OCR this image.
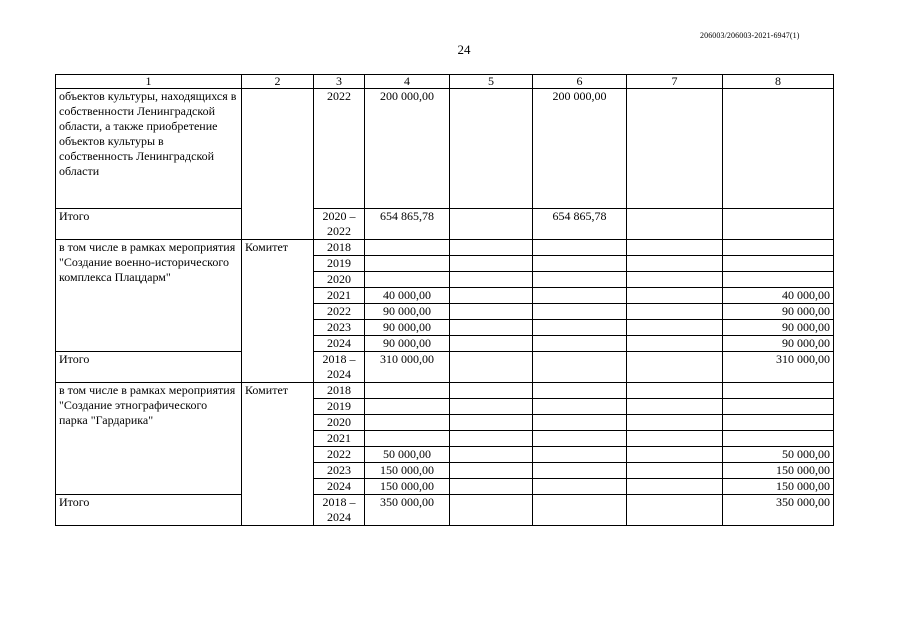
206003/206003-2021-6947(1)
24
1	2	3	4	5	6	7	8
объектов культуры, находящихся в собственности Ленинградской области, а также приобретение объектов культуры в собственность Ленинградской области		2022	200 000,00		200 000,00		
Итого		2020 – 2022	654 865,78		654 865,78		
в том числе в рамках мероприятия "Создание военно-исторического комплекса Плацдарм"	Комитет	2018					
		2019					
		2020					
		2021	40 000,00				40 000,00
		2022	90 000,00				90 000,00
		2023	90 000,00				90 000,00
		2024	90 000,00				90 000,00
Итого		2018 – 2024	310 000,00				310 000,00
в том числе в рамках мероприятия "Создание этнографического парка "Гардарика"	Комитет	2018					
		2019					
		2020					
		2021					
		2022	50 000,00				50 000,00
		2023	150 000,00				150 000,00
		2024	150 000,00				150 000,00
Итого		2018 – 2024	350 000,00				350 000,00
